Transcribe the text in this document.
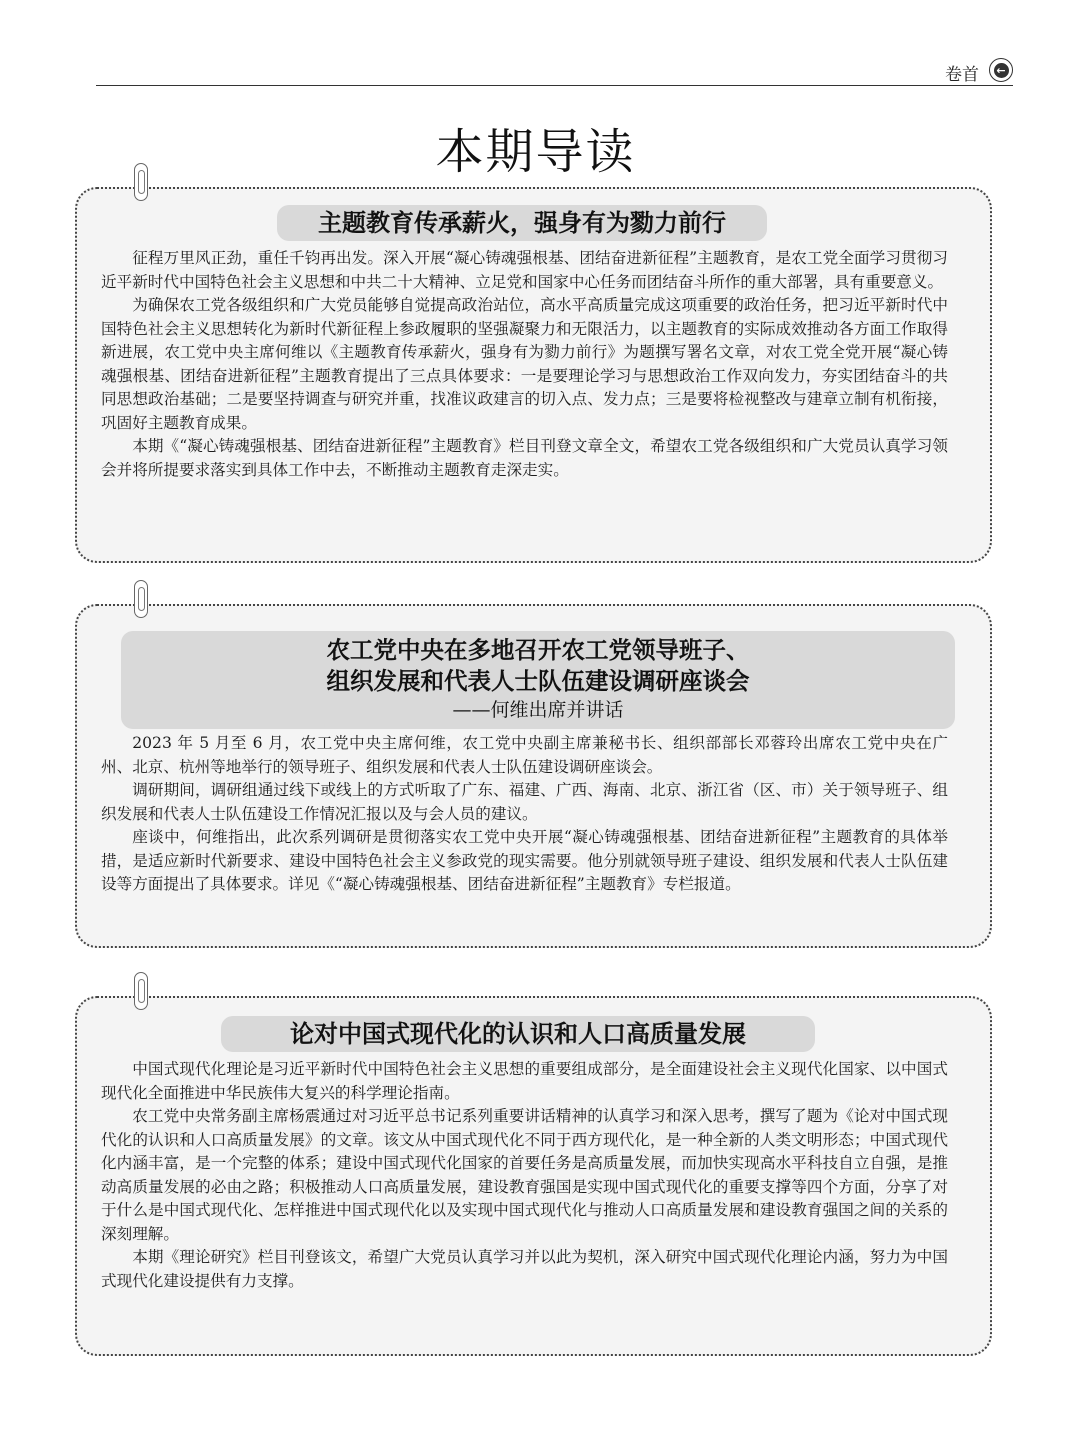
卷首 ←
本期导读
主题教育传承薪火，强身有为勠力前行

征程万里风正劲，重任千钧再出发。深入开展“凝心铸魂强根基、团结奋进新征程”主题教育，是农工党全面学习贯彻习近平新时代中国特色社会主义思想和中共二十大精神、立足党和国家中心任务而团结奋斗所作的重大部署，具有重要意义。

为确保农工党各级组织和广大党员能够自觉提高政治站位，高水平高质量完成这项重要的政治任务，把习近平新时代中国特色社会主义思想转化为新时代新征程上参政履职的坚强凝聚力和无限活力，以主题教育的实际成效推动各方面工作取得新进展，农工党中央主席何维以《主题教育传承薪火，强身有为勠力前行》为题撰写署名文章，对农工党全党开展“凝心铸魂强根基、团结奋进新征程”主题教育提出了三点具体要求：一是要理论学习与思想政治工作双向发力，夯实团结奋斗的共同思想政治基础；二是要坚持调查与研究并重，找准议政建言的切入点、发力点；三是要将检视整改与建章立制有机衔接，巩固好主题教育成果。

本期《“凝心铸魂强根基、团结奋进新征程”主题教育》栏目刊登文章全文，希望农工党各级组织和广大党员认真学习领会并将所提要求落实到具体工作中去，不断推动主题教育走深走实。

农工党中央在多地召开农工党领导班子、
组织发展和代表人士队伍建设调研座谈会
——何维出席并讲话

2023 年 5 月至 6 月，农工党中央主席何维，农工党中央副主席兼秘书长、组织部部长邓蓉玲出席农工党中央在广州、北京、杭州等地举行的领导班子、组织发展和代表人士队伍建设调研座谈会。

调研期间，调研组通过线下或线上的方式听取了广东、福建、广西、海南、北京、浙江省（区、市）关于领导班子、组织发展和代表人士队伍建设工作情况汇报以及与会人员的建议。

座谈中，何维指出，此次系列调研是贯彻落实农工党中央开展“凝心铸魂强根基、团结奋进新征程”主题教育的具体举措，是适应新时代新要求、建设中国特色社会主义参政党的现实需要。他分别就领导班子建设、组织发展和代表人士队伍建设等方面提出了具体要求。详见《“凝心铸魂强根基、团结奋进新征程”主题教育》专栏报道。

论对中国式现代化的认识和人口高质量发展

中国式现代化理论是习近平新时代中国特色社会主义思想的重要组成部分，是全面建设社会主义现代化国家、以中国式现代化全面推进中华民族伟大复兴的科学理论指南。

农工党中央常务副主席杨震通过对习近平总书记系列重要讲话精神的认真学习和深入思考，撰写了题为《论对中国式现代化的认识和人口高质量发展》的文章。该文从中国式现代化不同于西方现代化，是一种全新的人类文明形态；中国式现代化内涵丰富，是一个完整的体系；建设中国式现代化国家的首要任务是高质量发展，而加快实现高水平科技自立自强，是推动高质量发展的必由之路；积极推动人口高质量发展，建设教育强国是实现中国式现代化的重要支撑等四个方面，分享了对于什么是中国式现代化、怎样推进中国式现代化以及实现中国式现代化与推动人口高质量发展和建设教育强国之间的关系的深刻理解。

本期《理论研究》栏目刊登该文，希望广大党员认真学习并以此为契机，深入研究中国式现代化理论内涵，努力为中国式现代化建设提供有力支撑。
